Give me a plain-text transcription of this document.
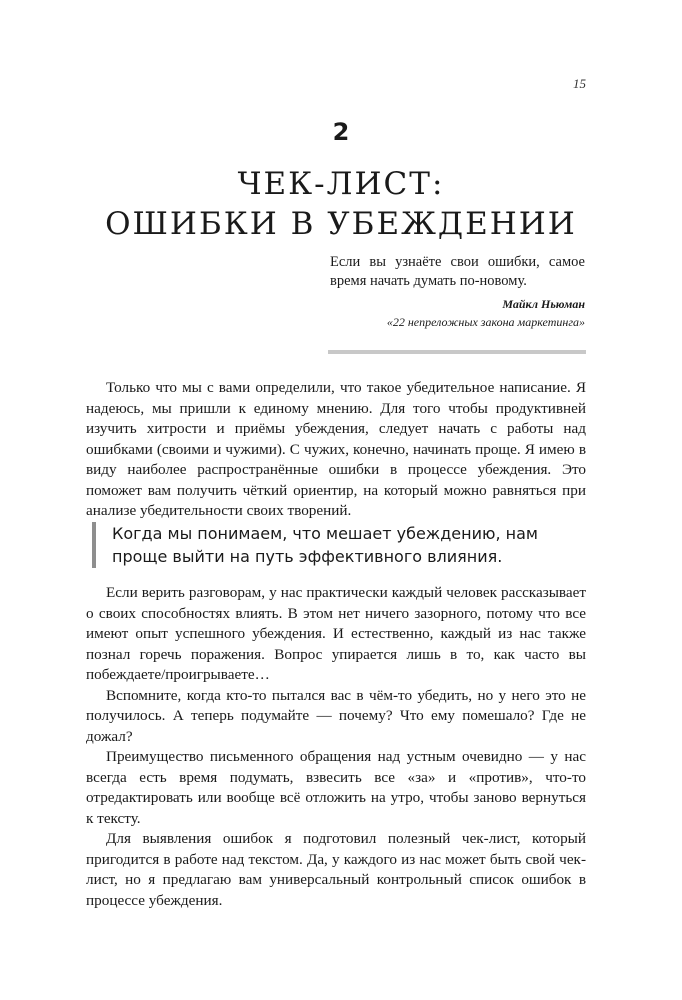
15
2
ЧЕК-ЛИСТ:
ОШИБКИ В УБЕЖДЕНИИ

Если вы узнаёте свои ошибки, самое время начать думать по-новому.

Майкл Ньюман
«22 непреложных закона маркетинга»

Только что мы с вами определили, что такое убедительное написание. Я надеюсь, мы пришли к единому мнению. Для того чтобы продуктивней изучить хитрости и приёмы убеждения, следует начать с работы над ошибками (своими и чужими). С чужих, конечно, начинать проще. Я имею в виду наиболее распространённые ошибки в процессе убеждения. Это поможет вам получить чёткий ориентир, на который можно равняться при анализе убедительности своих творений.

Когда мы понимаем, что мешает убеждению, нам проще выйти на путь эффективного влияния.

Если верить разговорам, у нас практически каждый человек рассказывает о своих способностях влиять. В этом нет ничего зазорного, потому что все имеют опыт успешного убеждения. И естественно, каждый из нас также познал горечь поражения. Вопрос упирается лишь в то, как часто вы побеждаете/проигрываете…

Вспомните, когда кто-то пытался вас в чём-то убедить, но у него это не получилось. А теперь подумайте — почему? Что ему помешало? Где не дожал?

Преимущество письменного обращения над устным очевидно — у нас всегда есть время подумать, взвесить все «за» и «против», что-то отредактировать или вообще всё отложить на утро, чтобы заново вернуться к тексту.

Для выявления ошибок я подготовил полезный чек-лист, который пригодится в работе над текстом. Да, у каждого из нас может быть свой чек-лист, но я предлагаю вам универсальный контрольный список ошибок в процессе убеждения.
